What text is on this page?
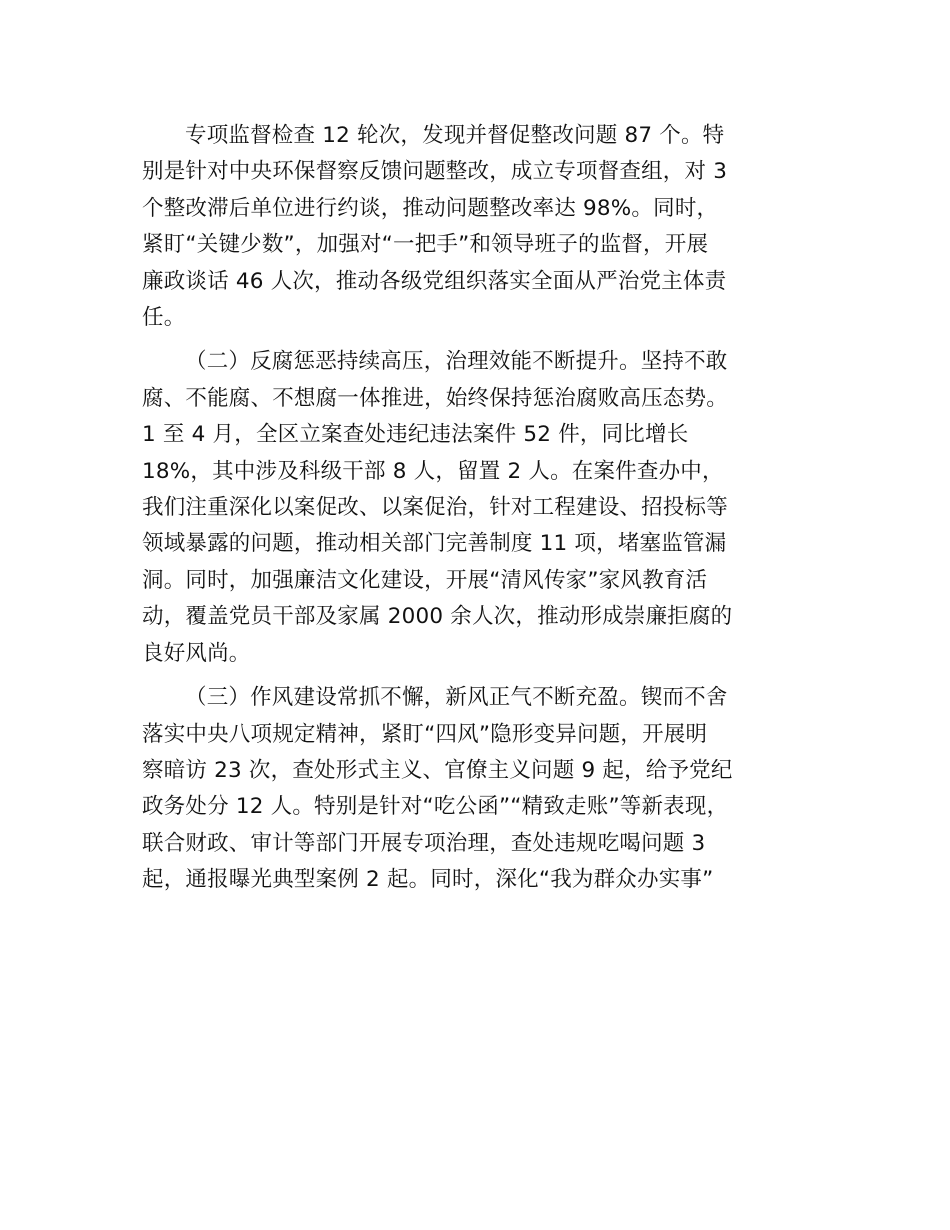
专项监督检查 12 轮次，发现并督促整改问题 87 个。特
别是针对中央环保督察反馈问题整改，成立专项督查组，对 3
个整改滞后单位进行约谈，推动问题整改率达 98%。同时，
紧盯“关键少数”，加强对“一把手”和领导班子的监督，开展
廉政谈话 46 人次，推动各级党组织落实全面从严治党主体责
任。

（二）反腐惩恶持续高压，治理效能不断提升。坚持不敢
腐、不能腐、不想腐一体推进，始终保持惩治腐败高压态势。
1 至 4 月，全区立案查处违纪违法案件 52 件，同比增长
18%，其中涉及科级干部 8 人，留置 2 人。在案件查办中，
我们注重深化以案促改、以案促治，针对工程建设、招投标等
领域暴露的问题，推动相关部门完善制度 11 项，堵塞监管漏
洞。同时，加强廉洁文化建设，开展“清风传家”家风教育活
动，覆盖党员干部及家属 2000 余人次，推动形成崇廉拒腐的
良好风尚。

（三）作风建设常抓不懈，新风正气不断充盈。锲而不舍
落实中央八项规定精神，紧盯“四风”隐形变异问题，开展明
察暗访 23 次，查处形式主义、官僚主义问题 9 起，给予党纪
政务处分 12 人。特别是针对“吃公函”“精致走账”等新表现，
联合财政、审计等部门开展专项治理，查处违规吃喝问题 3
起，通报曝光典型案例 2 起。同时，深化“我为群众办实事”
